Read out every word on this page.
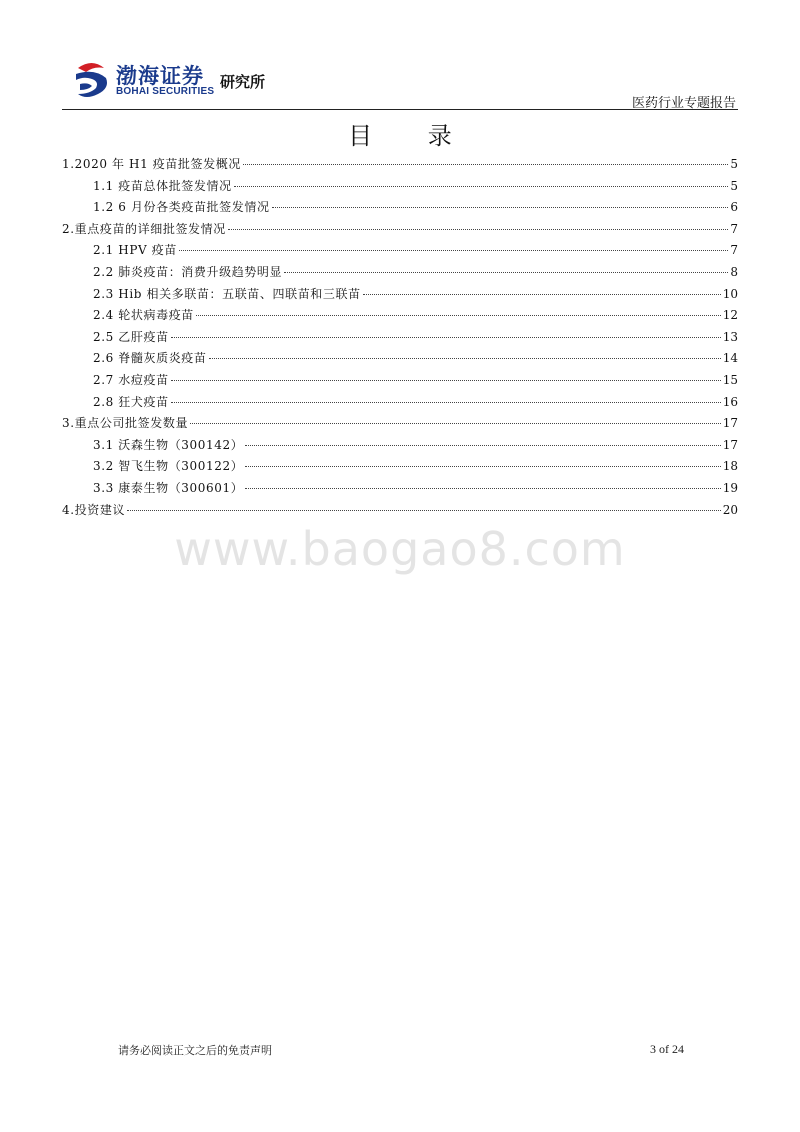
渤海证券
BOHAI SECURITIES
研究所
医药行业专题报告
目 录
1.2020 年 H1 疫苗批签发概况	5
1.1 疫苗总体批签发情况	5
1.2 6 月份各类疫苗批签发情况	6
2.重点疫苗的详细批签发情况	7
2.1 HPV 疫苗	7
2.2 肺炎疫苗：消费升级趋势明显	8
2.3 Hib 相关多联苗：五联苗、四联苗和三联苗	10
2.4 轮状病毒疫苗	12
2.5 乙肝疫苗	13
2.6 脊髓灰质炎疫苗	14
2.7 水痘疫苗	15
2.8 狂犬疫苗	16
3.重点公司批签发数量	17
3.1 沃森生物（300142）	17
3.2 智飞生物（300122）	18
3.3 康泰生物（300601）	19
4.投资建议	20
www.baogao8.com
请务必阅读正文之后的免责声明	3 of 24
